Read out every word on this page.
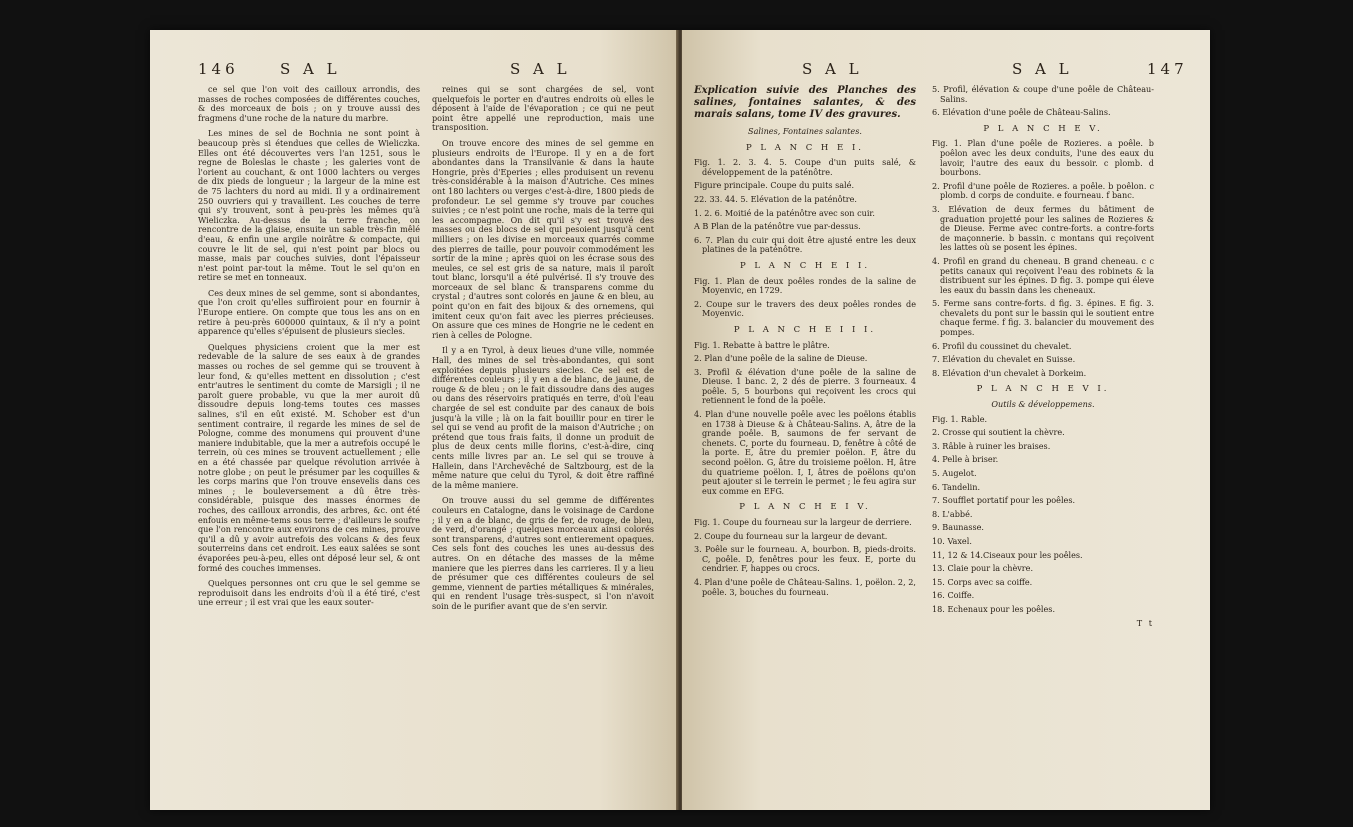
146	S A L	S A L

ce sel que l'on voit des cailloux arrondis, des masses de roches composées de différentes couches, & des morceaux de bois ; on y trouve aussi des fragmens d'une roche de la nature du marbre.

Les mines de sel de Bochnia ne sont point à beaucoup près si étendues que celles de Wieliczka. Elles ont été découvertes vers l'an 1251, sous le regne de Boleslas le chaste ; les galeries vont de l'orient au couchant, & ont 1000 lachters ou verges de dix pieds de longueur ; la largeur de la mine est de 75 lachters du nord au midi. Il y a ordinairement 250 ouvriers qui y travaillent. Les couches de terre qui s'y trouvent, sont à peu-près les mêmes qu'à Wieliczka. Au-dessus de la terre franche, on rencontre de la glaise, ensuite un sable très-fin mêlé d'eau, & enfin une argile noirâtre & compacte, qui couvre le lit de sel, qui n'est point par blocs ou masse, mais par couches suivies, dont l'épaisseur n'est point par-tout la même. Tout le sel qu'on en retire se met en tonneaux.

Ces deux mines de sel gemme, sont si abondantes, que l'on croit qu'elles suffiroient pour en fournir à l'Europe entiere. On compte que tous les ans on en retire à peu-près 600000 quintaux, & il n'y a point apparence qu'elles s'épuisent de plusieurs siecles.

Quelques physiciens croient que la mer est redevable de la salure de ses eaux à de grandes masses ou roches de sel gemme qui se trouvent à leur fond, & qu'elles mettent en dissolution ; c'est entr'autres le sentiment du comte de Marsigli ; il ne paroît guere probable, vu que la mer auroit dû dissoudre depuis long-tems toutes ces masses salines, s'il en eût existé. M. Schober est d'un sentiment contraire, il regarde les mines de sel de Pologne, comme des monumens qui prouvent d'une maniere indubitable, que la mer a autrefois occupé le terrein, où ces mines se trouvent actuellement ; elle en a été chassée par quelque révolution arrivée à notre globe ; on peut le présumer par les coquilles & les corps marins que l'on trouve ensevelis dans ces mines ; le bouleversement a dû être très-considérable, puisque des masses énormes de roches, des cailloux arrondis, des arbres, &c. ont été enfouis en même-tems sous terre ; d'ailleurs le soufre que l'on rencontre aux environs de ces mines, prouve qu'il a dû y avoir autrefois des volcans & des feux souterreins dans cet endroit. Les eaux salées se sont évaporées peu-à-peu, elles ont déposé leur sel, & ont formé des couches immenses.

Quelques personnes ont cru que le sel gemme se reproduisoit dans les endroits d'où il a été tiré, c'est une erreur ; il est vrai que les eaux souter-

reines qui se sont chargées de sel, vont quelquefois le porter en d'autres endroits où elles le déposent à l'aide de l'évaporation ; ce qui ne peut point être appellé une reproduction, mais une transposition.

On trouve encore des mines de sel gemme en plusieurs endroits de l'Europe. Il y en a de fort abondantes dans la Transilvanie & dans la haute Hongrie, près d'Eperies ; elles produisent un revenu très-considérable à la maison d'Autriche. Ces mines ont 180 lachters ou verges c'est-à-dire, 1800 pieds de profondeur. Le sel gemme s'y trouve par couches suivies ; ce n'est point une roche, mais de la terre qui les accompagne. On dit qu'il s'y est trouvé des masses ou des blocs de sel qui pesoient jusqu'à cent milliers ; on les divise en morceaux quarrés comme des pierres de taille, pour pouvoir commodément les sortir de la mine ; après quoi on les écrase sous des meules, ce sel est gris de sa nature, mais il paroît tout blanc, lorsqu'il a été pulvérisé. Il s'y trouve des morceaux de sel blanc & transparens comme du crystal ; d'autres sont colorés en jaune & en bleu, au point qu'on en fait des bijoux & des ornemens, qui imitent ceux qu'on fait avec les pierres précieuses. On assure que ces mines de Hongrie ne le cedent en rien à celles de Pologne.

Il y a en Tyrol, à deux lieues d'une ville, nommée Hall, des mines de sel très-abondantes, qui sont exploitées depuis plusieurs siecles. Ce sel est de différentes couleurs ; il y en a de blanc, de jaune, de rouge & de bleu ; on le fait dissoudre dans des auges ou dans des réservoirs pratiqués en terre, d'où l'eau chargée de sel est conduite par des canaux de bois jusqu'à la ville ; là on la fait bouillir pour en tirer le sel qui se vend au profit de la maison d'Autriche ; on prétend que tous frais faits, il donne un produit de plus de deux cents mille florins, c'est-à-dire, cinq cents mille livres par an. Le sel qui se trouve à Hallein, dans l'Archevêché de Saltzbourg, est de la même nature que celui du Tyrol, & doit être raffiné de la même maniere.

On trouve aussi du sel gemme de différentes couleurs en Catalogne, dans le voisinage de Cardone ; il y en a de blanc, de gris de fer, de rouge, de bleu, de verd, d'orangé ; quelques morceaux ainsi colorés sont transparens, d'autres sont entierement opaques. Ces sels font des couches les unes au-dessus des autres. On en détache des masses de la même maniere que les pierres dans les carrieres. Il y a lieu de présumer que ces différentes couleurs de sel gemme, viennent de parties métalliques & minérales, qui en rendent l'usage très-suspect, si l'on n'avoit soin de le purifier avant que de s'en servir.

S A L	S A L	147
Explication suivie des Planches des salines, fontaines salantes, & des marais salans, tome IV des gravures.
Salines, Fontaines salantes.
P L A N C H E I.
Fig. 1. 2. 3. 4. 5. Coupe d'un puits salé, & développement de la paténôtre.
Figure principale. Coupe du puits salé.
22. 33. 44. 5. Elévation de la paténôtre.
1. 2. 6. Moitié de la paténôtre avec son cuir.
A B Plan de la paténôtre vue par-dessus.
6. 7. Plan du cuir qui doit être ajusté entre les deux platines de la paténôtre.
P L A N C H E I I.
Fig. 1. Plan de deux poêles rondes de la saline de Moyenvic, en 1729.
2. Coupe sur le travers des deux poêles rondes de Moyenvic.
P L A N C H E I I I.
Fig. 1. Rebatte à battre le plâtre.
2. Plan d'une poêle de la saline de Dieuse.
3. Profil & élévation d'une poêle de la saline de Dieuse. 1 banc. 2, 2 dés de pierre. 3 fourneaux. 4 poêle. 5, 5 bourbons qui reçoivent les crocs qui retiennent le fond de la poêle.
4. Plan d'une nouvelle poêle avec les poëlons établis en 1738 à Dieuse & à Château-Salins. A, âtre de la grande poêle. B, saumons de fer servant de chenets. C, porte du fourneau. D, fenêtre à côté de la porte. E, âtre du premier poëlon. F, âtre du second poëlon. G, âtre du troisieme poëlon. H, âtre du quatrieme poëlon. I, I, âtres de poëlons qu'on peut ajouter si le terrein le permet ; le feu agira sur eux comme en EFG.
P L A N C H E I V.
Fig. 1. Coupe du fourneau sur la largeur de derriere.
2. Coupe du fourneau sur la largeur de devant.
3. Poêle sur le fourneau. A, bourbon. B, pieds-droits. C, poêle. D, fenêtres pour les feux. E, porte du cendrier. F, happes ou crocs.
4. Plan d'une poêle de Château-Salins. 1, poëlon. 2, 2, poêle. 3, bouches du fourneau.
5. Profil, élévation & coupe d'une poêle de Château-Salins.
6. Elévation d'une poêle de Château-Salins.
P L A N C H E V.
Fig. 1. Plan d'une poêle de Rozieres. a poêle. b poêlon avec les deux conduits, l'une des eaux du lavoir, l'autre des eaux du bessoir. c plomb. d bourbons.
2. Profil d'une poêle de Rozieres. a poêle. b poêlon. c plomb. d corps de conduite. e fourneau. f banc.
3. Elévation de deux fermes du bâtiment de graduation projetté pour les salines de Rozieres & de Dieuse. Ferme avec contre-forts. a contre-forts de maçonnerie. b bassin. c montans qui reçoivent les lattes où se posent les épines.
4. Profil en grand du cheneau. B grand cheneau. c c petits canaux qui reçoivent l'eau des robinets & la distribuent sur les épines. D fig. 3. pompe qui éleve les eaux du bassin dans les cheneaux.
5. Ferme sans contre-forts. d fig. 3. épines. E fig. 3. chevalets du pont sur le bassin qui le soutient entre chaque ferme. f fig. 3. balancier du mouvement des pompes.
6. Profil du coussinet du chevalet.
7. Elévation du chevalet en Suisse.
8. Elévation d'un chevalet à Dorkeim.
P L A N C H E V I.
Outils & développemens.
Fig. 1. Rable.
2. Crosse qui soutient la chèvre.
3. Râble à ruiner les braises.
4. Pelle à briser.
5. Augelot.
6. Tandelin.
7. Soufflet portatif pour les poêles.
8. L'abbé.
9. Baunasse.
10. Vaxel.
11, 12 & 14.Ciseaux pour les poêles.
13. Claie pour la chèvre.
15. Corps avec sa coiffe.
16. Coiffe.
18. Echenaux pour les poêles.
T t
